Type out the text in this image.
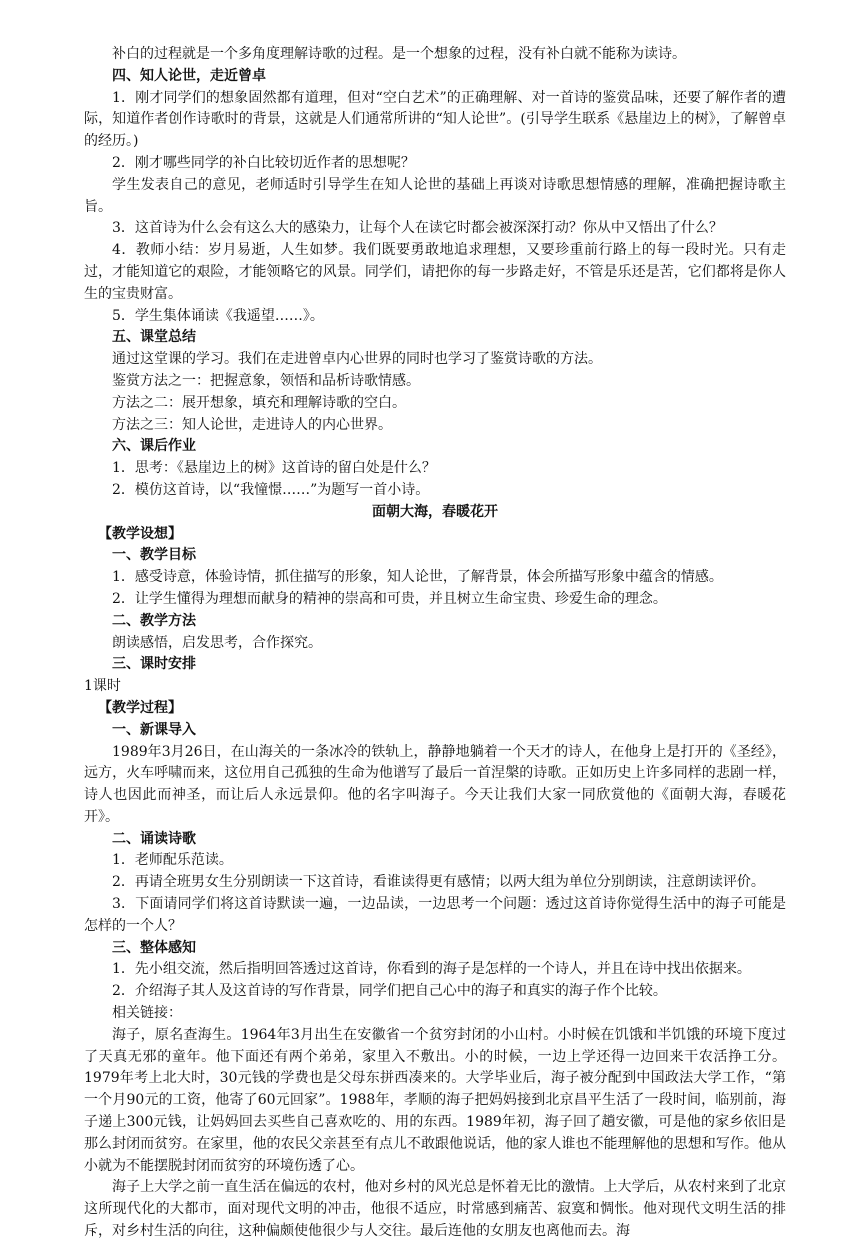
补白的过程就是一个多角度理解诗歌的过程。是一个想象的过程，没有补白就不能称为读诗。

四、知人论世，走近曾卓

1．刚才同学们的想象固然都有道理，但对“空白艺术”的正确理解、对一首诗的鉴赏品味，还要了解作者的遭际，知道作者创作诗歌时的背景，这就是人们通常所讲的“知人论世”。(引导学生联系《悬崖边上的树》，了解曾卓的经历。)

2．刚才哪些同学的补白比较切近作者的思想呢？

学生发表自己的意见，老师适时引导学生在知人论世的基础上再谈对诗歌思想情感的理解，准确把握诗歌主旨。

3．这首诗为什么会有这么大的感染力，让每个人在读它时都会被深深打动？你从中又悟出了什么？

4．教师小结：岁月易逝，人生如梦。我们既要勇敢地追求理想，又要珍重前行路上的每一段时光。只有走过，才能知道它的艰险，才能领略它的风景。同学们，请把你的每一步路走好，不管是乐还是苦，它们都将是你人生的宝贵财富。

5．学生集体诵读《我遥望……》。

五、课堂总结

通过这堂课的学习。我们在走进曾卓内心世界的同时也学习了鉴赏诗歌的方法。

鉴赏方法之一：把握意象，领悟和品析诗歌情感。

方法之二：展开想象，填充和理解诗歌的空白。

方法之三：知人论世，走进诗人的内心世界。

六、课后作业

1．思考：《悬崖边上的树》这首诗的留白处是什么？

2．模仿这首诗，以“我憧憬……”为题写一首小诗。

面朝大海，春暖花开

【教学设想】

一、教学目标

1．感受诗意，体验诗情，抓住描写的形象，知人论世，了解背景，体会所描写形象中蕴含的情感。

2．让学生懂得为理想而献身的精神的崇高和可贵，并且树立生命宝贵、珍爱生命的理念。

二、教学方法

朗读感悟，启发思考，合作探究。

三、课时安排

1课时

【教学过程】

一、新课导入

1989年3月26日，在山海关的一条冰冷的铁轨上，静静地躺着一个天才的诗人，在他身上是打开的《圣经》，远方，火车呼啸而来，这位用自己孤独的生命为他谱写了最后一首涅槃的诗歌。正如历史上许多同样的悲剧一样，诗人也因此而神圣，而让后人永远景仰。他的名字叫海子。今天让我们大家一同欣赏他的《面朝大海，春暖花开》。

二、诵读诗歌

1．老师配乐范读。

2．再请全班男女生分别朗读一下这首诗，看谁读得更有感情；以两大组为单位分别朗读，注意朗读评价。

3．下面请同学们将这首诗默读一遍，一边品读，一边思考一个问题：透过这首诗你觉得生活中的海子可能是怎样的一个人？

三、整体感知

1．先小组交流，然后指明回答透过这首诗，你看到的海子是怎样的一个诗人，并且在诗中找出依据来。

2．介绍海子其人及这首诗的写作背景，同学们把自己心中的海子和真实的海子作个比较。

相关链接：

海子，原名查海生。1964年3月出生在安徽省一个贫穷封闭的小山村。小时候在饥饿和半饥饿的环境下度过了天真无邪的童年。他下面还有两个弟弟，家里入不敷出。小的时候，一边上学还得一边回来干农活挣工分。1979年考上北大时，30元钱的学费也是父母东拼西凑来的。大学毕业后，海子被分配到中国政法大学工作，“第一个月90元的工资，他寄了60元回家”。1988年，孝顺的海子把妈妈接到北京昌平生活了一段时间，临别前，海子递上300元钱，让妈妈回去买些自己喜欢吃的、用的东西。1989年初，海子回了趟安徽，可是他的家乡依旧是那么封闭而贫穷。在家里，他的农民父亲甚至有点儿不敢跟他说话，他的家人谁也不能理解他的思想和写作。他从小就为不能摆脱封闭而贫穷的环境伤透了心。

海子上大学之前一直生活在偏远的农村，他对乡村的风光总是怀着无比的激情。上大学后，从农村来到了北京这所现代化的大都市，面对现代文明的冲击，他很不适应，时常感到痛苦、寂寞和惆怅。他对现代文明生活的排斥，对乡村生活的向往，这种偏颇使他很少与人交往。最后连他的女朋友也离他而去。海
